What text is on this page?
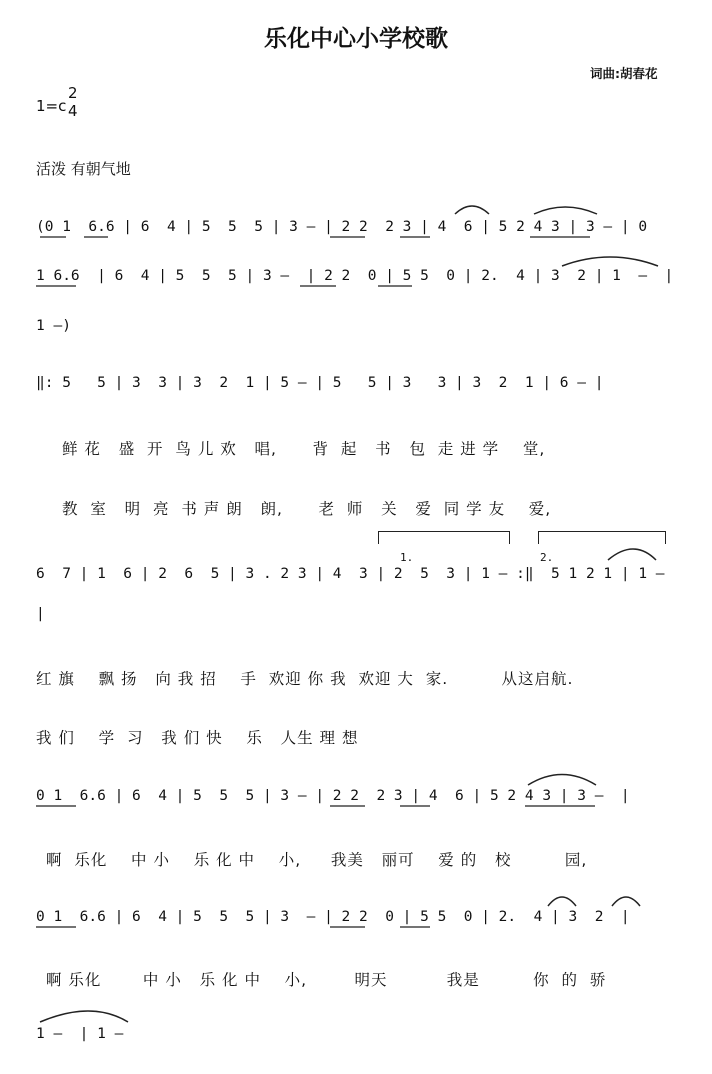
乐化中心小学校歌
词曲:胡春花
1=c
2
4
活泼 有朝气地
(0 1  6.6 | 6  4 | 5  5  5 | 3 — | 2 2  2 3 | 4  6 | 5 2 4 3 | 3 — | 0
1 6.6  | 6  4 | 5  5  5 | 3 —  | 2 2  0 | 5 5  0 | 2.  4 | 3  2 | 1  —  |
1 —)
‖: 5   5 | 3  3 | 3  2  1 | 5 — | 5   5 | 3   3 | 3  2  1 | 6 — |
鲜 花   盛  开  鸟 儿 欢   唱,      背  起   书   包  走 进 学    堂,
教  室   明  亮  书 声 朗   朗,      老  师   关   爱  同 学 友    爱,
1.	2.
6  7 | 1  6 | 2  6  5 | 3 . 2 3 | 4  3 | 2  5  3 | 1 — :‖  5 1 2 1 | 1 —
|
红 旗    飘 扬   向 我 招    手  欢迎 你 我  欢迎 大  家.         从这启航.
我 们    学  习   我 们 快    乐   人生 理 想
0 1  6.6 | 6  4 | 5  5  5 | 3 — | 2 2  2 3 | 4  6 | 5 2 4 3 | 3 —  |
啊  乐化    中 小    乐 化 中    小,     我美   丽可    爱 的   校         园,
0 1  6.6 | 6  4 | 5  5  5 | 3  — | 2 2  0 | 5 5  0 | 2.  4 | 3  2  |
啊 乐化       中 小   乐 化 中    小,        明天          我是         你  的  骄
1 —  | 1 —
